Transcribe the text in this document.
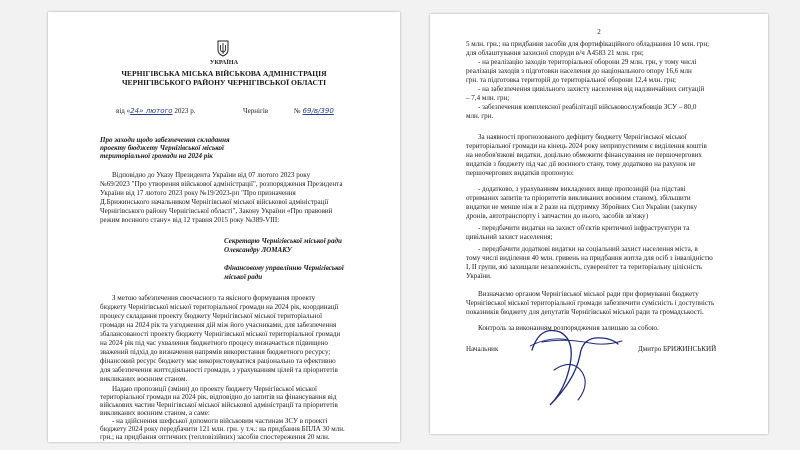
УКРАЇНА
ЧЕРНІГІВСЬКА МІСЬКА ВІЙСЬКОВА АДМІНІСТРАЦІЯ
ЧЕРНІГІВСЬКОГО РАЙОНУ ЧЕРНІГІВСЬКОЇ ОБЛАСТІ
від «24» лютого 2023 р.	Чернігів	№ 69/в/390
Про заходи щодо забезпечення складання
проекту бюджету Чернігівської міської
територіальної громади на 2024 рік
Відповідно до Указу Президента України від 07 лютого 2023 року
№69/2023 "Про утворення військової адміністрації", розпорядження Президента
України від 17 лютого 2023 року №19/2023-рп "Про призначення
Д.Брижинського начальником Чернігівської міської військової адміністрації
Чернігівського району Чернігівської області", Закону України «Про правовий
режим воєнного стану» від 12 травня 2015 року №389-VIII:
Секретарю Чернігівської міської ради
Олександру ЛОМАКУ
Фінансовому управлінню Чернігівської
міської ради
З метою забезпечення своєчасного та якісного формування проекту
бюджету Чернігівської міської територіальної громади на 2024 рік, координації
процесу складання проекту бюджету Чернігівської міської територіальної
громади на 2024 рік та узгодження дій між його учасниками, для забезпечення
збалансованості проекту бюджету Чернігівської міської територіальної громади
на 2024 рік під час ухвалення бюджетного процесу визначається підвищено
зважений підхід до визначення напрямів використання бюджетного ресурсу;
фінансовий ресурс бюджету має використовуватися раціонально та ефективно
для забезпечення життєдіяльності громади, з урахуванням цілей та пріоритетів
викликаних воєнним станом.
Надаю пропозиції (зміни) до проекту бюджету Чернігівської міської
територіальної громади на 2024 рік, відповідно до запитів на фінансування від
військових частин Чернігівської міської військової адміністрації та пріоритетів
викликаних воєнним станом, а саме:
- на здійснення шефської допомоги військовим частинам ЗСУ в проекті
бюджету 2024 року передбачити 121 млн. грн. у т.ч.: на придбання БПЛА 30 млн.
грн.; на придбання оптичних (тепловізійних) засобів спостереження 20 млн.
2
5 млн. грн.; на придбання засобів для фортифікаційного обладнання 10 млн. грн;
для облаштування захисної споруди в/ч А4583 21 млн. грн;
- на реалізацію заходів територіальної оборони 29 млн. грн, у тому числі
реалізація заходів з підготовки населення до національного опору 16,6 млн
грн. та підготовка територій до територіальної оборони 12,4 млн. грн;
- на забезпечення цивільного захисту населення від надзвичайних ситуацій
– 7,4 млн. грн;
- забезпечення комплексної реабілітації військовослужбовців ЗСУ – 80,0
млн. грн.
За наявності прогнозованого дефіциту бюджету Чернігівської міської
територіальної громади на кінець 2024 року неприпустимим є виділення коштів
на необов'язкові видатки, доцільно обмежити фінансування не першочергових
видатків з бюджету під час дії воєнного стану, тому додатково на рахунок не
першочергових видатків пропоную:
- додатково, з урахуванням викладених вище пропозицій (на підставі
отриманих запитів та пріоритетів викликаних воєнним станом), збільшити
видатки не менше ніж в 2 рази на підтримку Збройних Сил України (закупку
дронів, автотранспорту і запчастин до нього, засобів зв'язку)
- передбачити видатки на захист об'єктів критичної інфраструктури та
цивільний захист населення;
- передбачити додаткові видатки на соціальний захист населення міста, в
тому числі виділення 40 млн. гривень на придбання житла для осіб з інвалідністю
I, II групи, які захищали незалежність, суверенітет та територіальну цілісність
України.
Визначаємо органом Чернігівської міської ради при формуванні бюджету
Чернігівської міської територіальної громади забезпечити сумісність і доступність
показників бюджету для депутатів Чернігівської міської ради та громадськості.
Контроль за виконанням розпорядження залишаю за собою.
Начальник	Дмитро БРИЖИНСЬКИЙ
